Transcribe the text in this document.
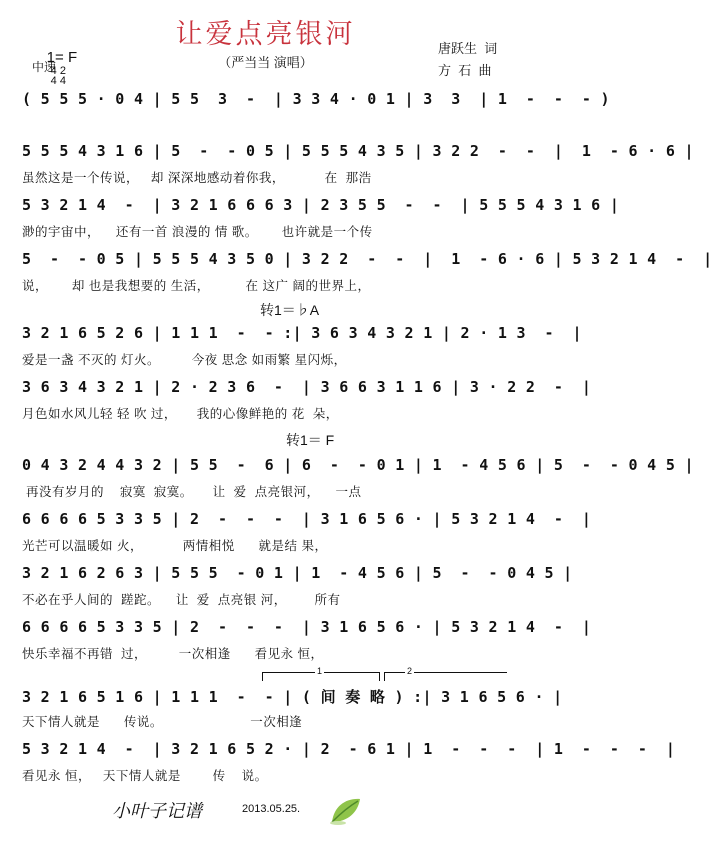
让爱点亮银河
（严当当 演唱）

1= F
4 2
4 4

中速
唐跃生  词
方  石  曲
( 5 5 5 · 0 4 | 5 5  3  -  | 3 3 4 · 0 1 | 3  3  | 1  -  -  - )
5 5 5 4 3 1 6 | 5  -  - 0 5 | 5 5 5 4 3 5 | 3 2 2  -  -  |  1  - 6 · 6 |
虽然这是一个传说，   却 深深地感动着你我，          在  那浩
5 3 2 1 4  -  | 3 2 1 6 6 6 3 | 2 3 5 5  -  -  | 5 5 5 4 3 1 6 |
渺的宇宙中，    还有一首 浪漫的 情 歌。      也许就是一个传
5  -  - 0 5 | 5 5 5 4 3 5 0 | 3 2 2  -  -  |  1  - 6 · 6 | 5 3 2 1 4  -  |
说，      却 也是我想要的 生活，         在 这广 阔的世界上，
转1＝♭A
3 2 1 6 5 2 6 | 1 1 1  -  - :| 3 6 3 4 3 2 1 | 2 · 1 3  -  |
爱是一盏 不灭的 灯火。        今夜 思念 如雨繁 星闪烁，
3 6 3 4 3 2 1 | 2 · 2 3 6  -  | 3 6 6 3 1 1 6 | 3 · 2 2  -  |
月色如水风儿轻 轻 吹 过，     我的心像鲜艳的 花  朵，
转1＝ F
0 4 3 2 4 4 3 2 | 5 5  -  6 | 6  -  - 0 1 | 1  - 4 5 6 | 5  -  - 0 4 5 |
再没有岁月的    寂寞  寂寞。     让  爱  点亮银河，    一点
6 6 6 6 5 3 3 5 | 2  -  -  -  | 3 1 6 5 6 · | 5 3 2 1 4  -  |
光芒可以温暖如 火，          两情相悦      就是结 果，
3 2 1 6 2 6 3 | 5 5 5  - 0 1 | 1  - 4 5 6 | 5  -  - 0 4 5 |
不必在乎人间的  蹉跎。    让  爱  点亮银 河，       所有
6 6 6 6 5 3 3 5 | 2  -  -  -  | 3 1 6 5 6 · | 5 3 2 1 4  -  |
快乐幸福不再错  过，        一次相逢      看见永 恒，

1

	2

3 2 1 6 5 1 6 | 1 1 1  -  - | ( 间 奏 略 ) :| 3 1 6 5 6 · |
天下情人就是      传说。                      一次相逢
5 3 2 1 4  -  | 3 2 1 6 5 2 · | 2  - 6 1 | 1  -  -  -  | 1  -  -  -  |
看见永 恒，   天下情人就是        传    说。
小叶子记谱	2013.05.25.
